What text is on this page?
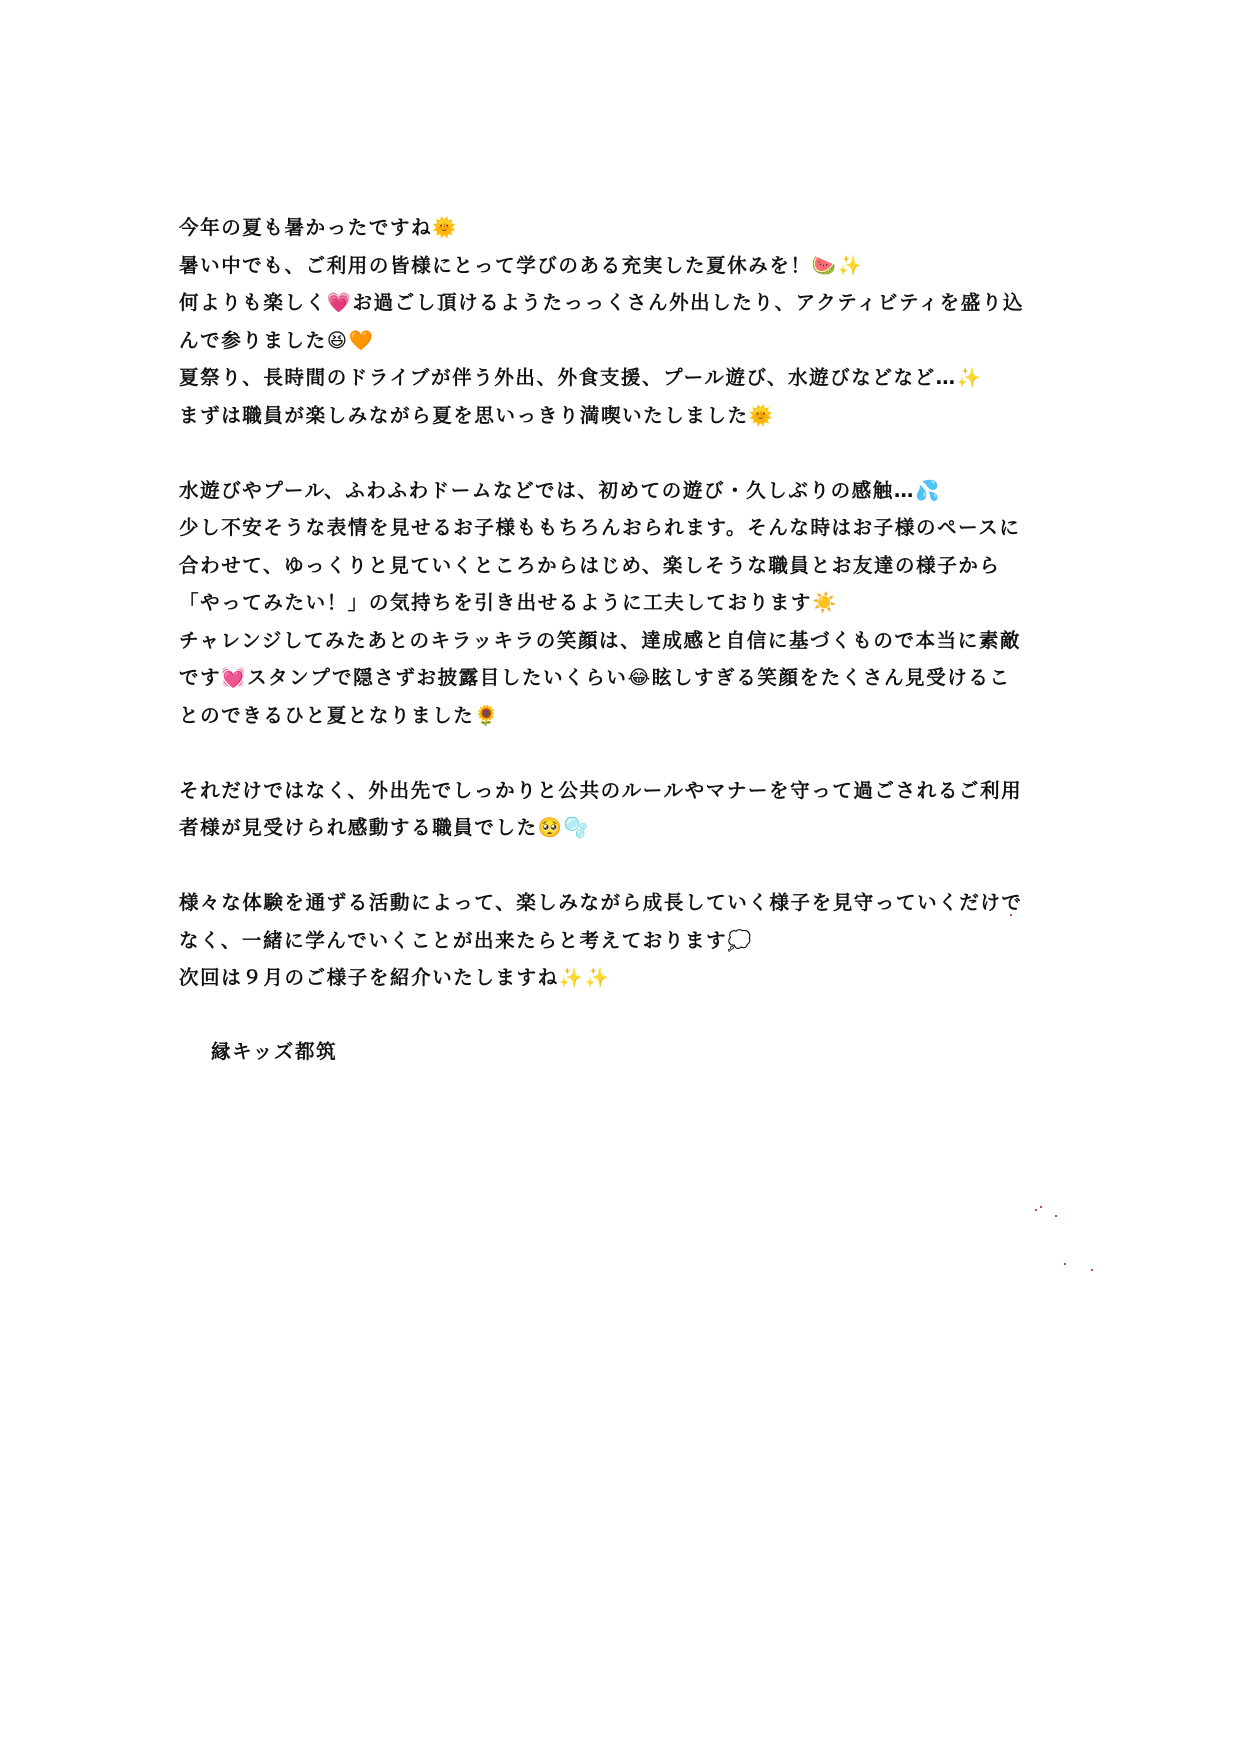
今年の夏も暑かったですね🌞
暑い中でも、ご利用の皆様にとって学びのある充実した夏休みを！🍉✨
何よりも楽しく💗お過ごし頂けるようたっっくさん外出したり、アクティビティを盛り込
んで参りました😆🧡
夏祭り、長時間のドライブが伴う外出、外食支援、プール遊び、水遊びなどなど…✨
まずは職員が楽しみながら夏を思いっきり満喫いたしました🌞
水遊びやプール、ふわふわドームなどでは、初めての遊び・久しぶりの感触…💦
少し不安そうな表情を見せるお子様ももちろんおられます。そんな時はお子様のペースに
合わせて、ゆっくりと見ていくところからはじめ、楽しそうな職員とお友達の様子から
「やってみたい！」の気持ちを引き出せるように工夫しております☀️
チャレンジしてみたあとのキラッキラの笑顔は、達成感と自信に基づくもので本当に素敵
です💓スタンプで隠さずお披露目したいくらい😂眩しすぎる笑顔をたくさん見受けるこ
とのできるひと夏となりました🌻
それだけではなく、外出先でしっかりと公共のルールやマナーを守って過ごされるご利用
者様が見受けられ感動する職員でした🥺🫧
様々な体験を通ずる活動によって、楽しみながら成長していく様子を見守っていくだけで
なく、一緒に学んでいくことが出来たらと考えております💭
次回は９月のご様子を紹介いたしますね✨✨
縁キッズ都筑
